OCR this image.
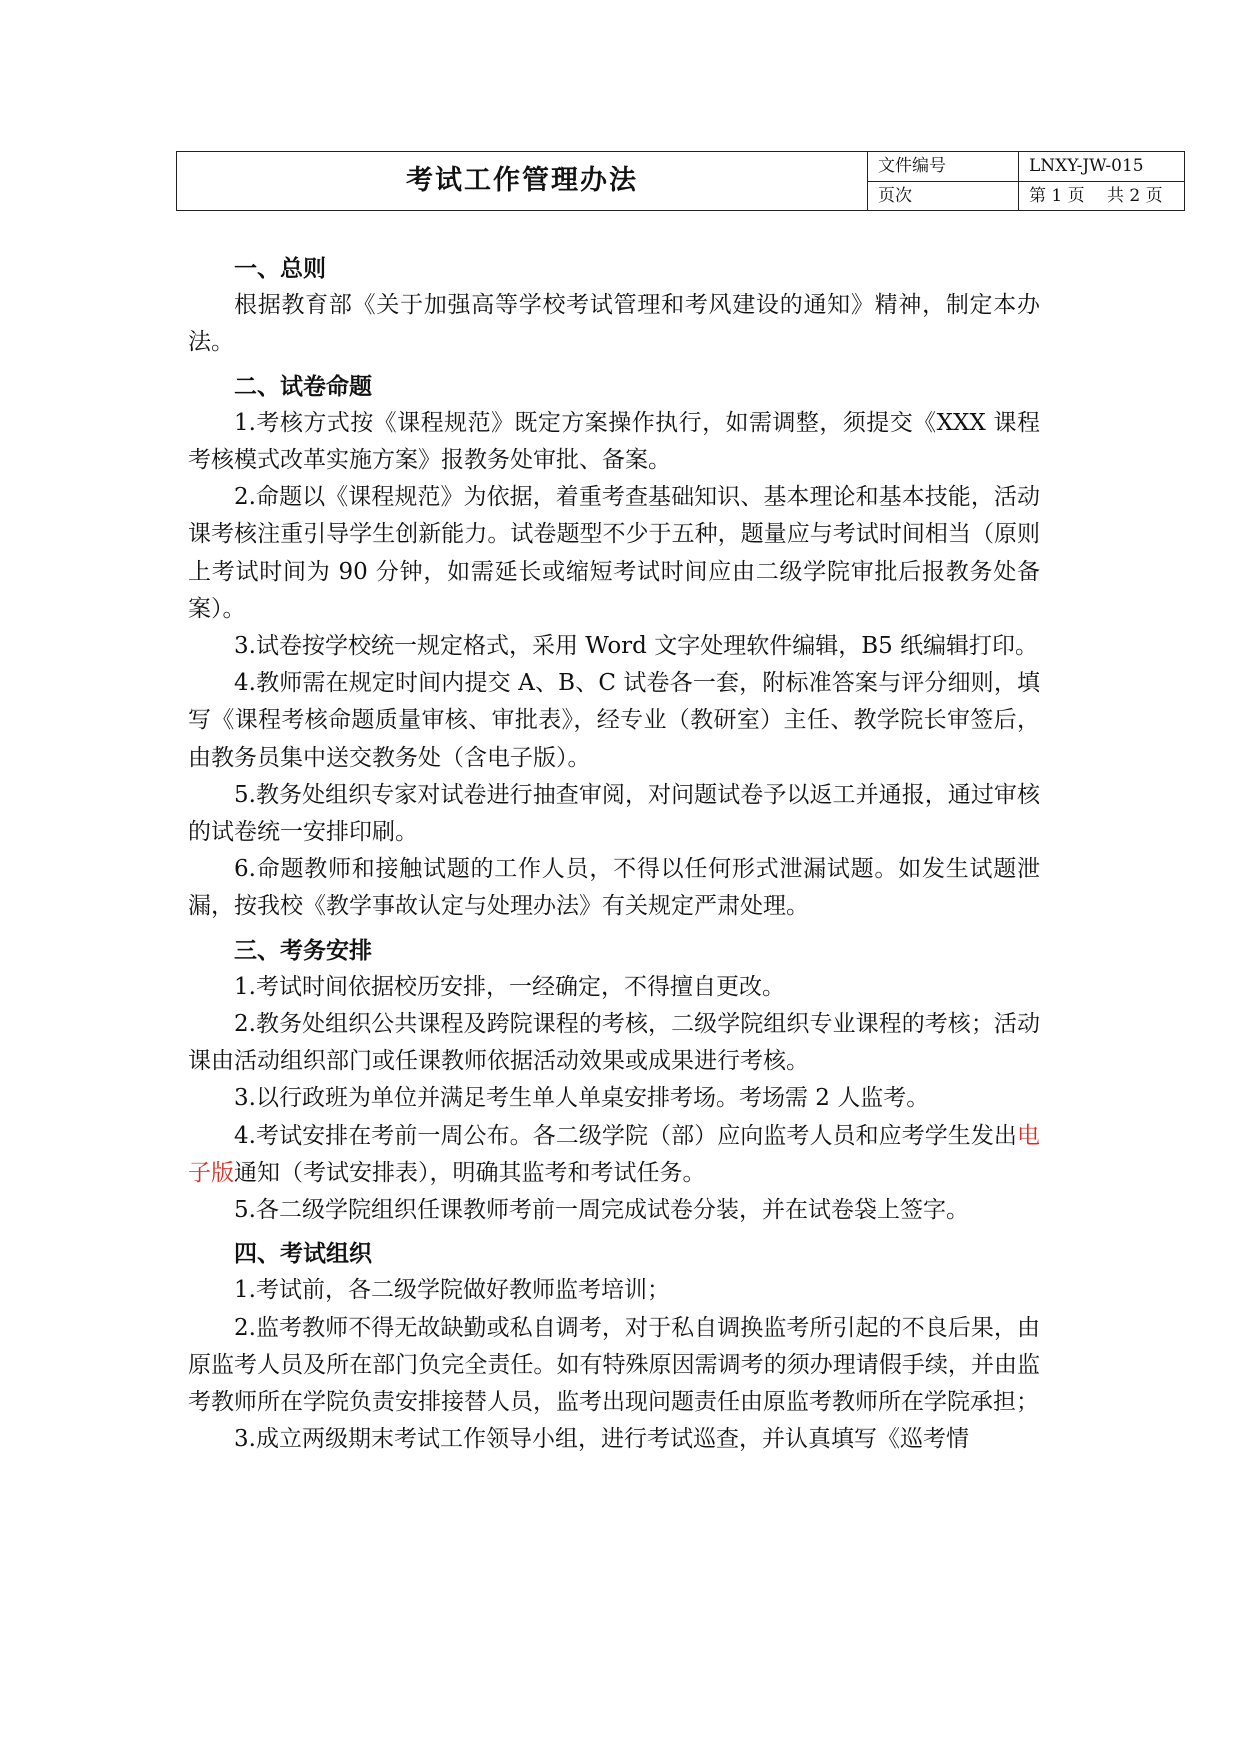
考试工作管理办法	文件编号	LNXY-JW-015
	页次	第 1 页　 共 2 页

一、总则

根据教育部《关于加强高等学校考试管理和考风建设的通知》精神，制定本办法。

二、试卷命题

1.考核方式按《课程规范》既定方案操作执行，如需调整，须提交《XXX 课程考核模式改革实施方案》报教务处审批、备案。

2.命题以《课程规范》为依据，着重考查基础知识、基本理论和基本技能，活动课考核注重引导学生创新能力。试卷题型不少于五种，题量应与考试时间相当（原则上考试时间为 90 分钟，如需延长或缩短考试时间应由二级学院审批后报教务处备案）。

3.试卷按学校统一规定格式，采用 Word 文字处理软件编辑，B5 纸编辑打印。

4.教师需在规定时间内提交 A、B、C 试卷各一套，附标准答案与评分细则，填写《课程考核命题质量审核、审批表》，经专业（教研室）主任、教学院长审签后，由教务员集中送交教务处（含电子版）。

5.教务处组织专家对试卷进行抽查审阅，对问题试卷予以返工并通报，通过审核的试卷统一安排印刷。

6.命题教师和接触试题的工作人员，不得以任何形式泄漏试题。如发生试题泄漏，按我校《教学事故认定与处理办法》有关规定严肃处理。

三、考务安排

1.考试时间依据校历安排，一经确定，不得擅自更改。

2.教务处组织公共课程及跨院课程的考核，二级学院组织专业课程的考核；活动课由活动组织部门或任课教师依据活动效果或成果进行考核。

3.以行政班为单位并满足考生单人单桌安排考场。考场需 2 人监考。

4.考试安排在考前一周公布。各二级学院（部）应向监考人员和应考学生发出电子版通知（考试安排表），明确其监考和考试任务。

5.各二级学院组织任课教师考前一周完成试卷分装，并在试卷袋上签字。

四、考试组织

1.考试前，各二级学院做好教师监考培训；

2.监考教师不得无故缺勤或私自调考，对于私自调换监考所引起的不良后果，由原监考人员及所在部门负完全责任。如有特殊原因需调考的须办理请假手续，并由监考教师所在学院负责安排接替人员，监考出现问题责任由原监考教师所在学院承担；

3.成立两级期末考试工作领导小组，进行考试巡查，并认真填写《巡考情
